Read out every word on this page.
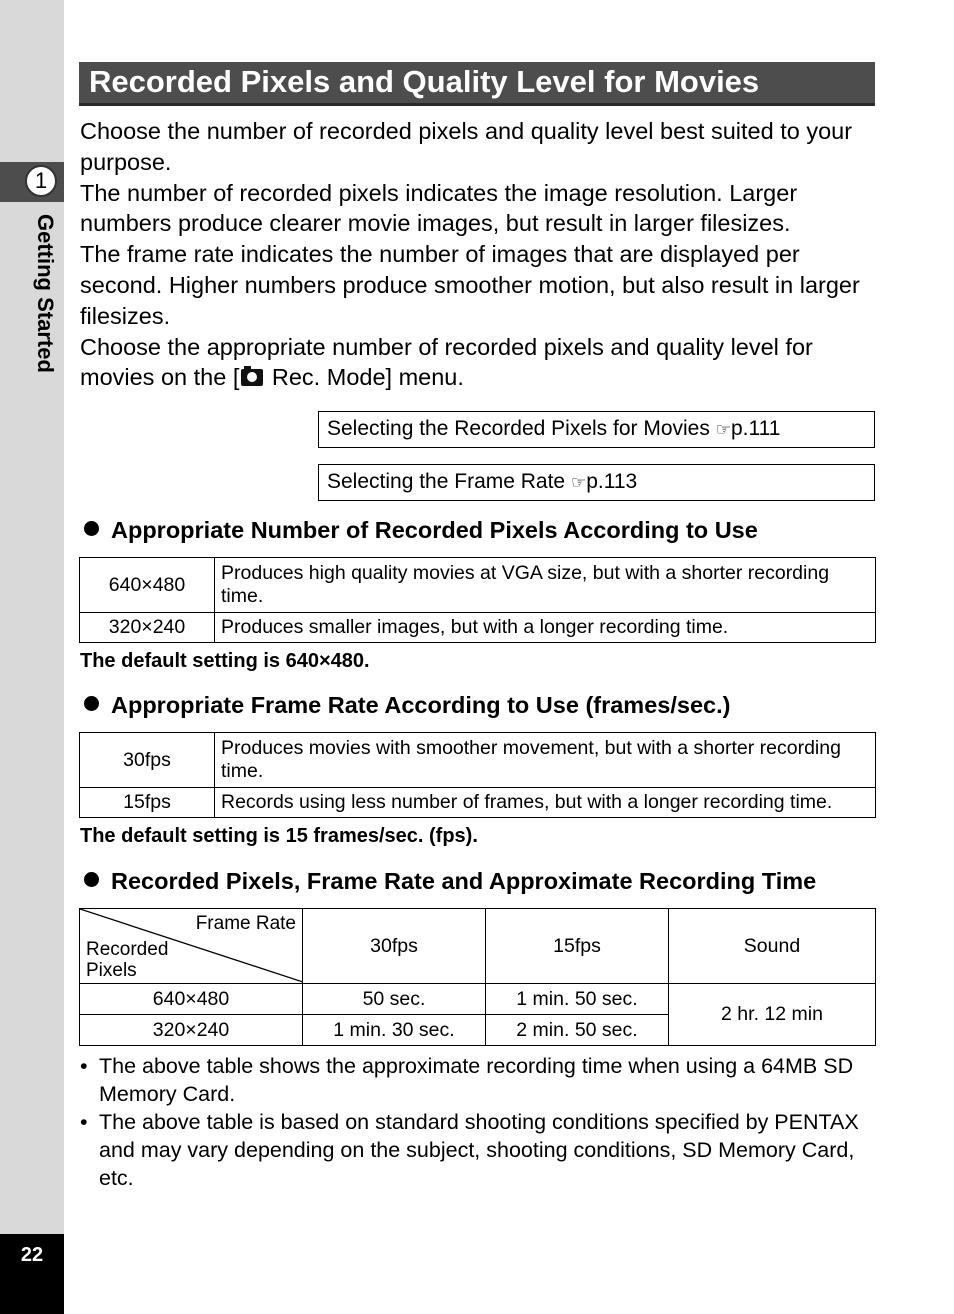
1
Getting Started
22
Recorded Pixels and Quality Level for Movies

Choose the number of recorded pixels and quality level best suited to your purpose.

The number of recorded pixels indicates the image resolution. Larger numbers produce clearer movie images, but result in larger filesizes.

The frame rate indicates the number of images that are displayed per second. Higher numbers produce smoother motion, but also result in larger filesizes.

Choose the appropriate number of recorded pixels and quality level for movies on the [ Rec. Mode] menu.

Selecting the Recorded Pixels for Movies ☞p.111
Selecting the Frame Rate ☞p.113
Appropriate Number of Recorded Pixels According to Use
640×480	Produces high quality movies at VGA size, but with a shorter recording time.
320×240	Produces smaller images, but with a longer recording time.
The default setting is 640×480.
Appropriate Frame Rate According to Use (frames/sec.)
30fps	Produces movies with smoother movement, but with a shorter recording time.
15fps	Records using less number of frames, but with a longer recording time.
The default setting is 15 frames/sec. (fps).
Recorded Pixels, Frame Rate and Approximate Recording Time
Frame Rate
Recorded
Pixels	30fps	15fps	Sound
640×480	50 sec.	1 min. 50 sec.	2 hr. 12 min
320×240	1 min. 30 sec.	2 min. 50 sec.	
• The above table shows the approximate recording time when using a 64MB SD Memory Card.
• The above table is based on standard shooting conditions specified by PENTAX and may vary depending on the subject, shooting conditions, SD Memory Card, etc.
